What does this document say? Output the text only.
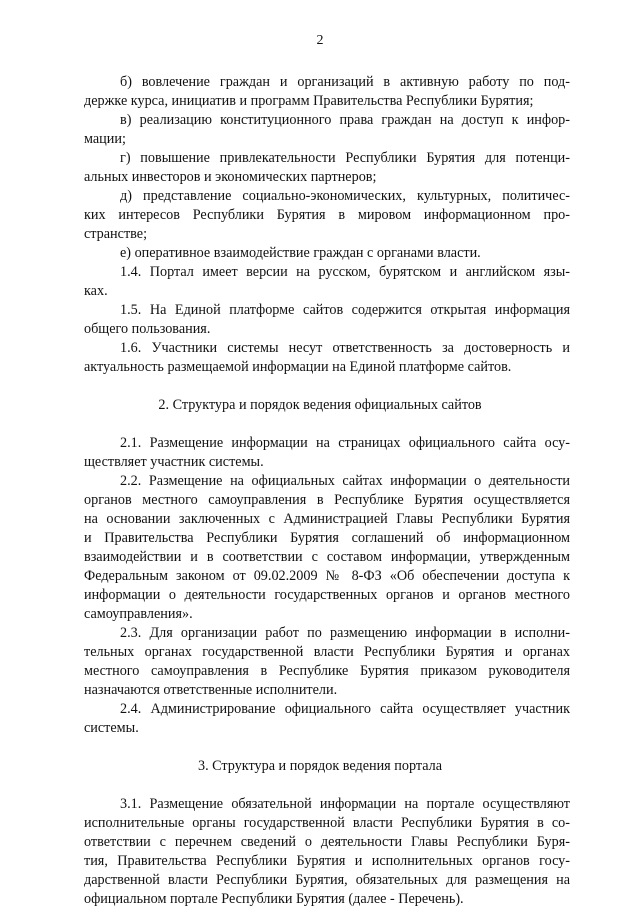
2
б) вовлечение граждан и организаций в активную работу по под-
держке курса, инициатив и программ Правительства Республики Бурятия;
в) реализацию конституционного права граждан на доступ к инфор-
мации;
г) повышение привлекательности Республики Бурятия для потенци-
альных инвесторов и экономических партнеров;
д) представление социально-экономических, культурных, политичес-
ких интересов Республики Бурятия в мировом информационном про-
странстве;
е) оперативное взаимодействие граждан с органами власти.
1.4. Портал имеет версии на русском, бурятском и английском язы-
ках.
1.5. На Единой платформе сайтов содержится открытая информация
общего пользования.
1.6. Участники системы несут ответственность за достоверность и
актуальность размещаемой информации на Единой платформе сайтов.
2. Структура и порядок ведения официальных сайтов
2.1. Размещение информации на страницах официального сайта осу-
ществляет участник системы.
2.2. Размещение на официальных сайтах информации о деятельности
органов местного самоуправления в Республике Бурятия осуществляется
на основании заключенных с Администрацией Главы Республики Бурятия
и Правительства Республики Бурятия соглашений об информационном
взаимодействии и в соответствии с составом информации, утвержденным
Федеральным законом от 09.02.2009 № 8-ФЗ «Об обеспечении доступа к
информации о деятельности государственных органов и органов местного
самоуправления».
2.3. Для организации работ по размещению информации в исполни-
тельных органах государственной власти Республики Бурятия и органах
местного самоуправления в Республике Бурятия приказом руководителя
назначаются ответственные исполнители.
2.4. Администрирование официального сайта осуществляет участник
системы.
3. Структура и порядок ведения портала
3.1. Размещение обязательной информации на портале осуществляют
исполнительные органы государственной власти Республики Бурятия в со-
ответствии с перечнем сведений о деятельности Главы Республики Буря-
тия, Правительства Республики Бурятия и исполнительных органов госу-
дарственной власти Республики Бурятия, обязательных для размещения на
официальном портале Республики Бурятия (далее - Перечень).
